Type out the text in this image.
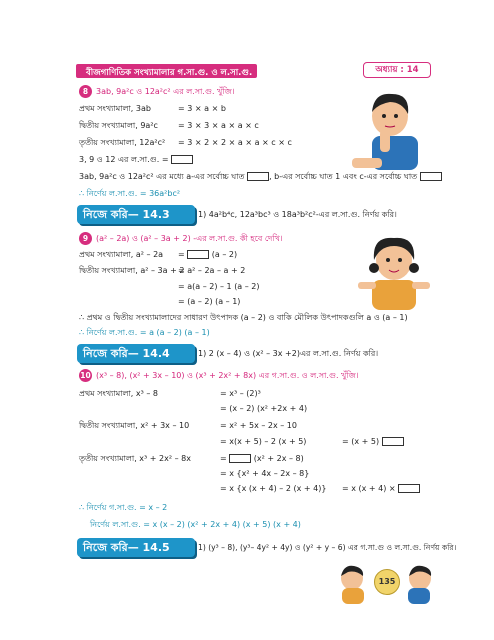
বীজগাণিতিক সংখ্যামালার গ.সা.গু. ও ল.সা.গু.	অধ্যায় : 14
8 3ab, 9a²c ও 12a²c² এর ল.সা.গু. খুঁজি।
প্রথম সংখ্যামালা, 3ab	= 3 × a × b
দ্বিতীয় সংখ্যামালা, 9a²c	= 3 × 3 × a × a × c
তৃতীয় সংখ্যামালা, 12a²c² = 3 × 2 × 2 × a × a × c × c
3, 9 ও 12 এর ল.সা.গু. =
3ab, 9a²c ও 12a²c² এর মধ্যে a-এর সর্বোচ্চ ঘাত	, b-এর সর্বোচ্চ ঘাত 1 এবং c-এর সর্বোচ্চ ঘাত
∴ নির্ণেয় ল.সা.গু. = 36a²bc²
নিজে করি— 14.3	1) 4a²b⁴c, 12a³bc³ ও 18a³b²c²-এর ল.সা.গু. নির্ণয় করি।
9 (a² – 2a) ও (a² – 3a + 2) -এর ল.সা.গু. কী হবে দেখি।
প্রথম সংখ্যামালা, a² – 2a =	(a – 2)
দ্বিতীয় সংখ্যামালা, a² – 3a + 2
= a² – 2a – a + 2
= a(a – 2) – 1 (a – 2)
= (a – 2) (a – 1)
∴ প্রথম ও দ্বিতীয় সংখ্যামালাদের সাধারণ উৎপাদক (a – 2) ও বাকি মৌলিক উৎপাদকগুলি a ও (a – 1)
∴ নির্ণেয় ল.সা.গু. = a (a – 2) (a – 1)
নিজে করি— 14.4	1) 2 (x – 4) ও (x² – 3x +2)এর ল.সা.গু. নির্ণয় করি।
10 (x³ – 8), (x² + 3x – 10) ও (x³ + 2x² + 8x) এর গ.সা.গু. ও ল.সা.গু. খুঁজি।
প্রথম সংখ্যামালা, x³ – 8	= x³ – (2)³
= (x – 2) (x² +2x + 4)
দ্বিতীয় সংখ্যামালা, x² + 3x – 10	= x² + 5x – 2x – 10
= x(x + 5) – 2 (x + 5)	= (x + 5)
তৃতীয় সংখ্যামালা, x³ + 2x² – 8x	=	(x² + 2x – 8)
= x {x² + 4x – 2x – 8}
= x {x (x + 4) – 2 (x + 4)} = x (x + 4) ×
∴ নির্ণেয় গ.সা.গু. = x – 2
নির্ণেয় ল.সা.গু. = x (x – 2) (x² + 2x + 4) (x + 5) (x + 4)
নিজে করি— 14.5	1) (y³ – 8), (y³– 4y² + 4y) ও (y² + y – 6) এর গ.সা.গু ও ল.সা.গু. নির্ণয় করি।
135
